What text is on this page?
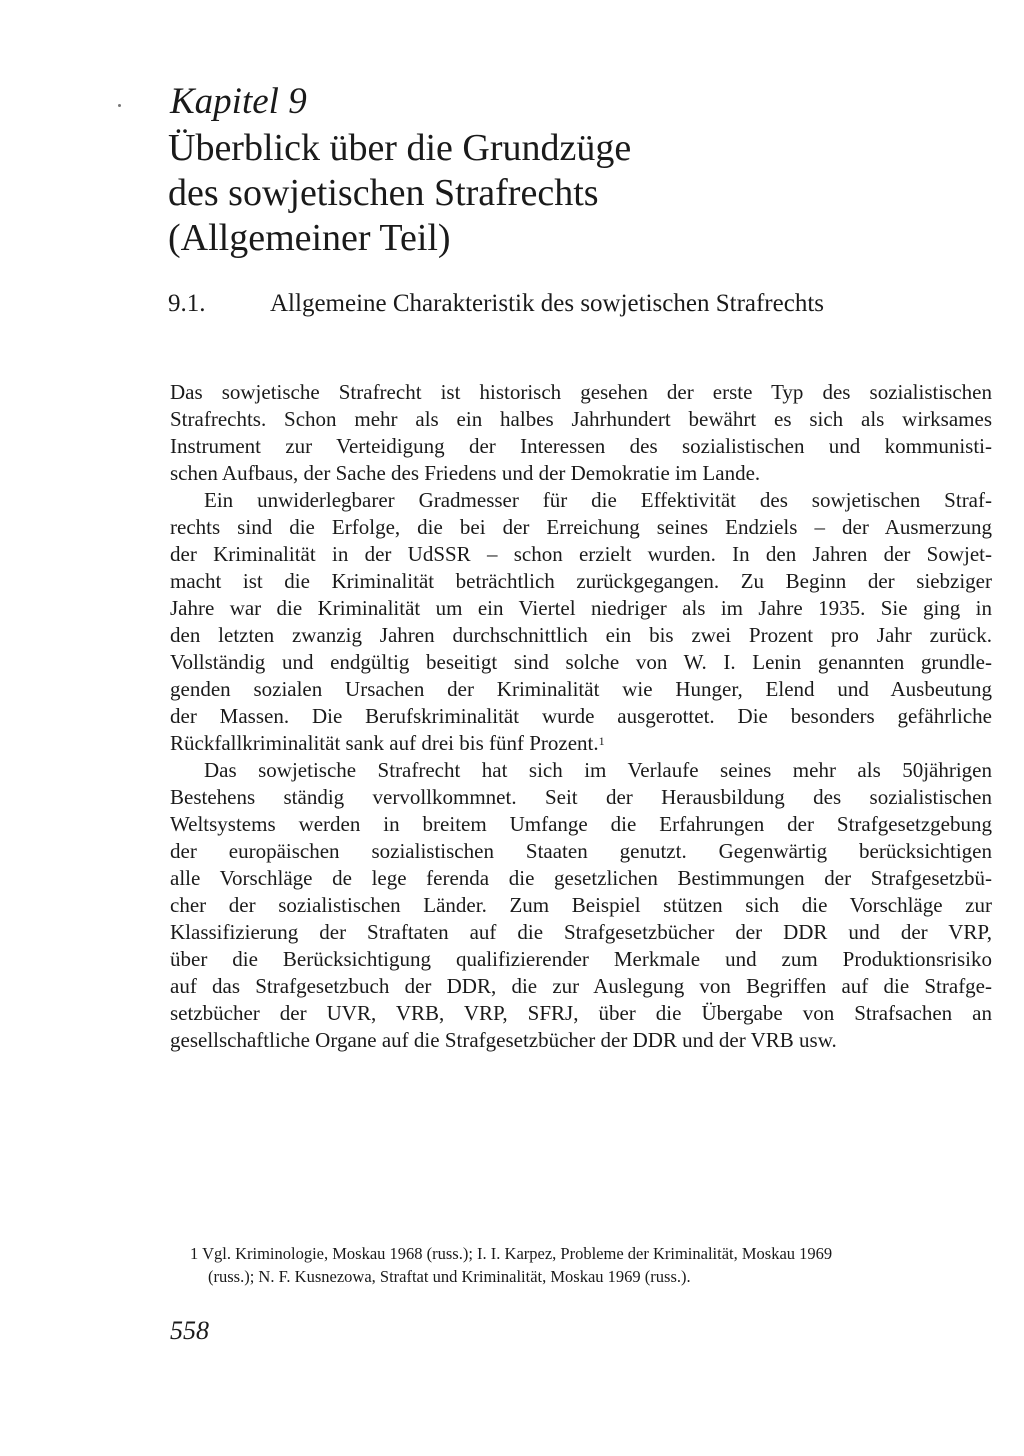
Kapitel 9
Überblick über die Grundzüge
des sowjetischen Strafrechts
(Allgemeiner Teil)
9.1.	Allgemeine Charakteristik des sowjetischen Strafrechts

Das sowjetische Strafrecht ist historisch gesehen der erste Typ des sozialistischen
Strafrechts. Schon mehr als ein halbes Jahrhundert bewährt es sich als wirksames
Instrument zur Verteidigung der Interessen des sozialistischen und kommunisti-
schen Aufbaus, der Sache des Friedens und der Demokratie im Lande.

Ein unwiderlegbarer Gradmesser für die Effektivität des sowjetischen Straf-
rechts sind die Erfolge, die bei der Erreichung seines Endziels – der Ausmerzung
der Kriminalität in der UdSSR – schon erzielt wurden. In den Jahren der Sowjet-
macht ist die Kriminalität beträchtlich zurückgegangen. Zu Beginn der siebziger
Jahre war die Kriminalität um ein Viertel niedriger als im Jahre 1935. Sie ging in
den letzten zwanzig Jahren durchschnittlich ein bis zwei Prozent pro Jahr zurück.
Vollständig und endgültig beseitigt sind solche von W. I. Lenin genannten grundle-
genden sozialen Ursachen der Kriminalität wie Hunger, Elend und Ausbeutung
der Massen. Die Berufskriminalität wurde ausgerottet. Die besonders gefährliche
Rückfallkriminalität sank auf drei bis fünf Prozent.$^1$

Das sowjetische Strafrecht hat sich im Verlaufe seines mehr als 50jährigen
Bestehens ständig vervollkommnet. Seit der Herausbildung des sozialistischen
Weltsystems werden in breitem Umfange die Erfahrungen der Strafgesetzgebung
der europäischen sozialistischen Staaten genutzt. Gegenwärtig berücksichtigen
alle Vorschläge de lege ferenda die gesetzlichen Bestimmungen der Strafgesetzbü-
cher der sozialistischen Länder. Zum Beispiel stützen sich die Vorschläge zur
Klassifizierung der Straftaten auf die Strafgesetzbücher der DDR und der VRP,
über die Berücksichtigung qualifizierender Merkmale und zum Produktionsrisiko
auf das Strafgesetzbuch der DDR, die zur Auslegung von Begriffen auf die Strafge-
setzbücher der UVR, VRB, VRP, SFRJ, über die Übergabe von Strafsachen an
gesellschaftliche Organe auf die Strafgesetzbücher der DDR und der VRB usw.

1 Vgl. Kriminologie, Moskau 1968 (russ.); I. I. Karpez, Probleme der Kriminalität, Moskau 1969
(russ.); N. F. Kusnezowa, Straftat und Kriminalität, Moskau 1969 (russ.).
558
